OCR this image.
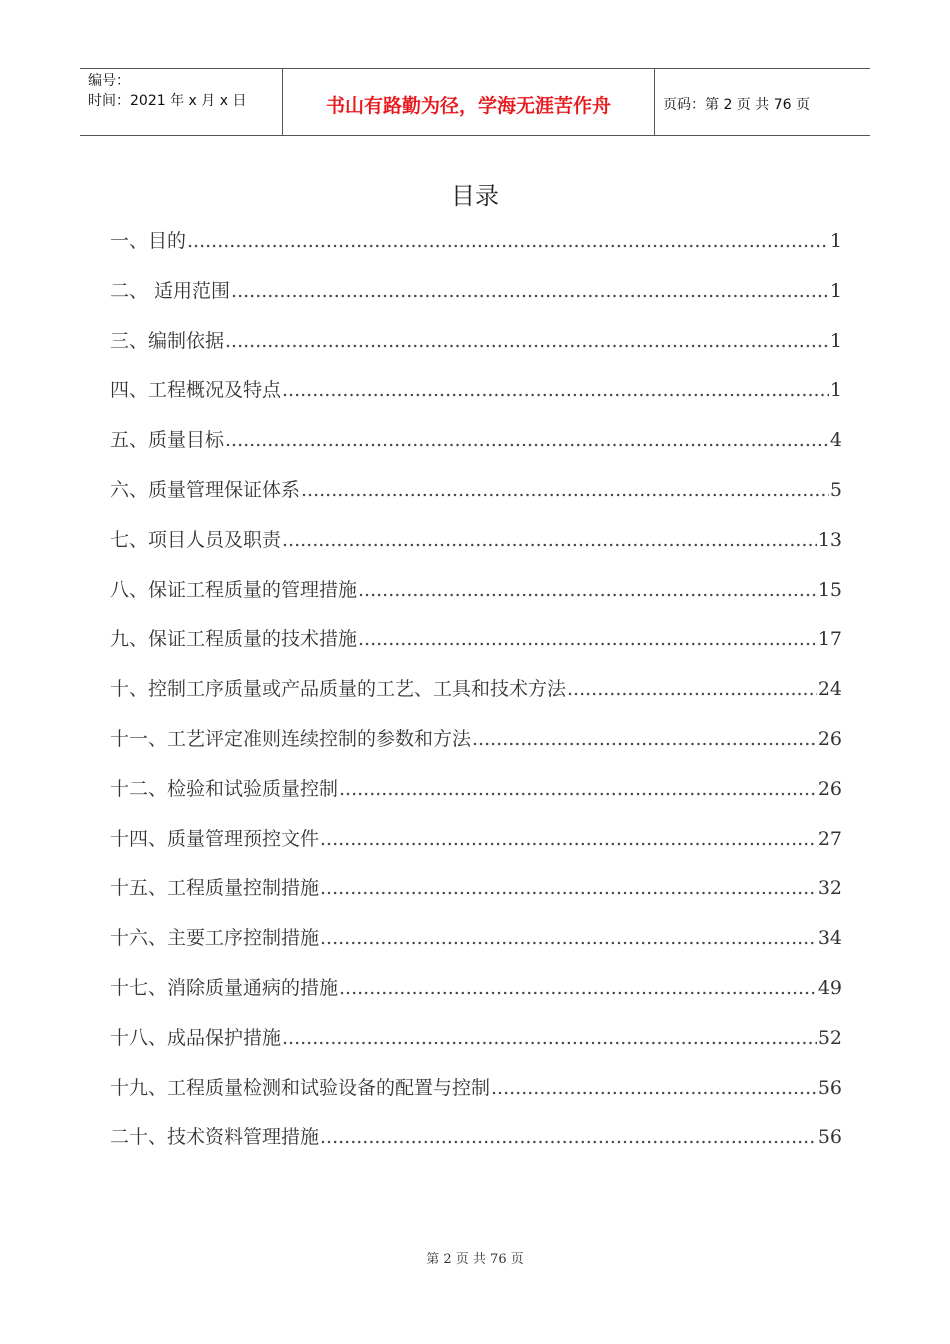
编号：
时间：2021 年 x 月 x 日	书山有路勤为径，学海无涯苦作舟	页码：第 2 页 共 76 页
目录
一、目的 .....	1
二、 适用范围 .....	1
三、编制依据 .....	1
四、工程概况及特点 .....	1
五、质量目标 .....	4
六、质量管理保证体系 .....	5
七、项目人员及职责 .....	13
八、保证工程质量的管理措施 .....	15
九、保证工程质量的技术措施 .....	17
十、控制工序质量或产品质量的工艺、工具和技术方法 .....	24
十一、工艺评定准则连续控制的参数和方法 .....	26
十二、检验和试验质量控制 .....	26
十四、质量管理预控文件 .....	27
十五、工程质量控制措施 .....	32
十六、主要工序控制措施 .....	34
十七、消除质量通病的措施 .....	49
十八、成品保护措施 .....	52
十九、工程质量检测和试验设备的配置与控制 .....	56
二十、技术资料管理措施 .....	56
第 2 页 共 76 页
